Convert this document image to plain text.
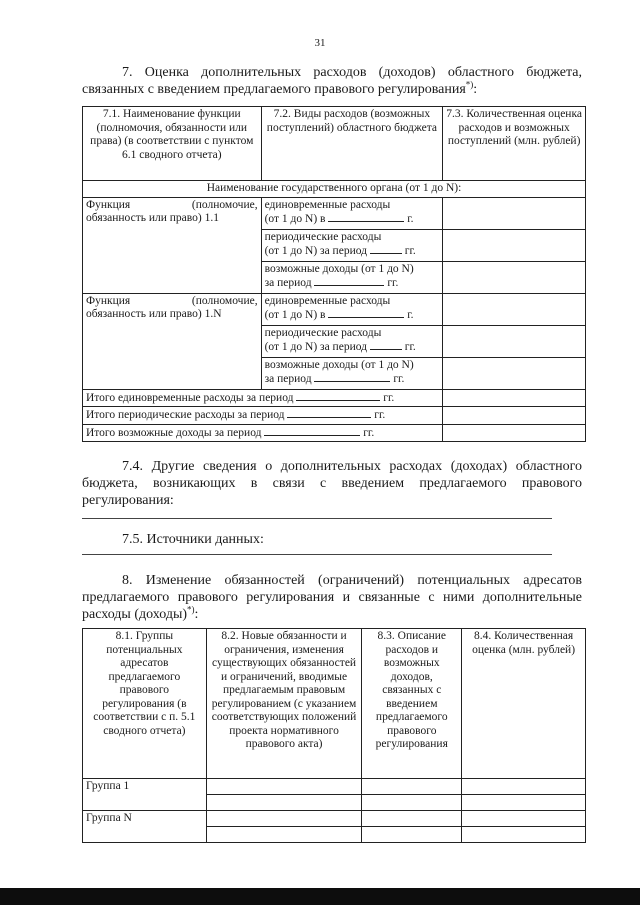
31
7. Оценка дополнительных расходов (доходов) областного бюджета, связанных с введением предлагаемого правового регулирования*):
7.1. Наименование функции (полномочия, обязанности или права) (в соответствии с пунктом 6.1 сводного отчета)	7.2. Виды расходов (возможных поступлений) областного бюджета	7.3. Количественная оценка расходов и возможных поступлений (млн. рублей)
Наименование государственного органа (от 1 до N):		
Функция (полномочие, обязанность или право) 1.1	единовременные расходы
(от 1 до N) в г.	
	периодические расходы
(от 1 до N) за период гг.	
	возможные доходы (от 1 до N)
за период гг.	
Функция (полномочие, обязанность или право) 1.N	единовременные расходы
(от 1 до N) в г.	
	периодические расходы
(от 1 до N) за период гг.	
	возможные доходы (от 1 до N)
за период гг.	
Итого единовременные расходы за период гг.		
Итого периодические расходы за период гг.		
Итого возможные доходы за период гг.		
7.4. Другие сведения о дополнительных расходах (доходах) областного бюджета, возникающих в связи с введением предлагаемого правового регулирования:
7.5. Источники данных:
8. Изменение обязанностей (ограничений) потенциальных адресатов предлагаемого правового регулирования и связанные с ними дополнительные расходы (доходы)*):
8.1. Группы потенциальных адресатов предлагаемого правового регулирования (в соответствии с п. 5.1 сводного отчета)	8.2. Новые обязанности и ограничения, изменения существующих обязанностей и ограничений, вводимые предлагаемым правовым регулированием (с указанием соответствующих положений проекта нормативного правового акта)	8.3. Описание расходов и возможных доходов, связанных с введением предлагаемого правового регулирования	8.4. Количественная оценка (млн. рублей)
Группа 1			

Группа N			
